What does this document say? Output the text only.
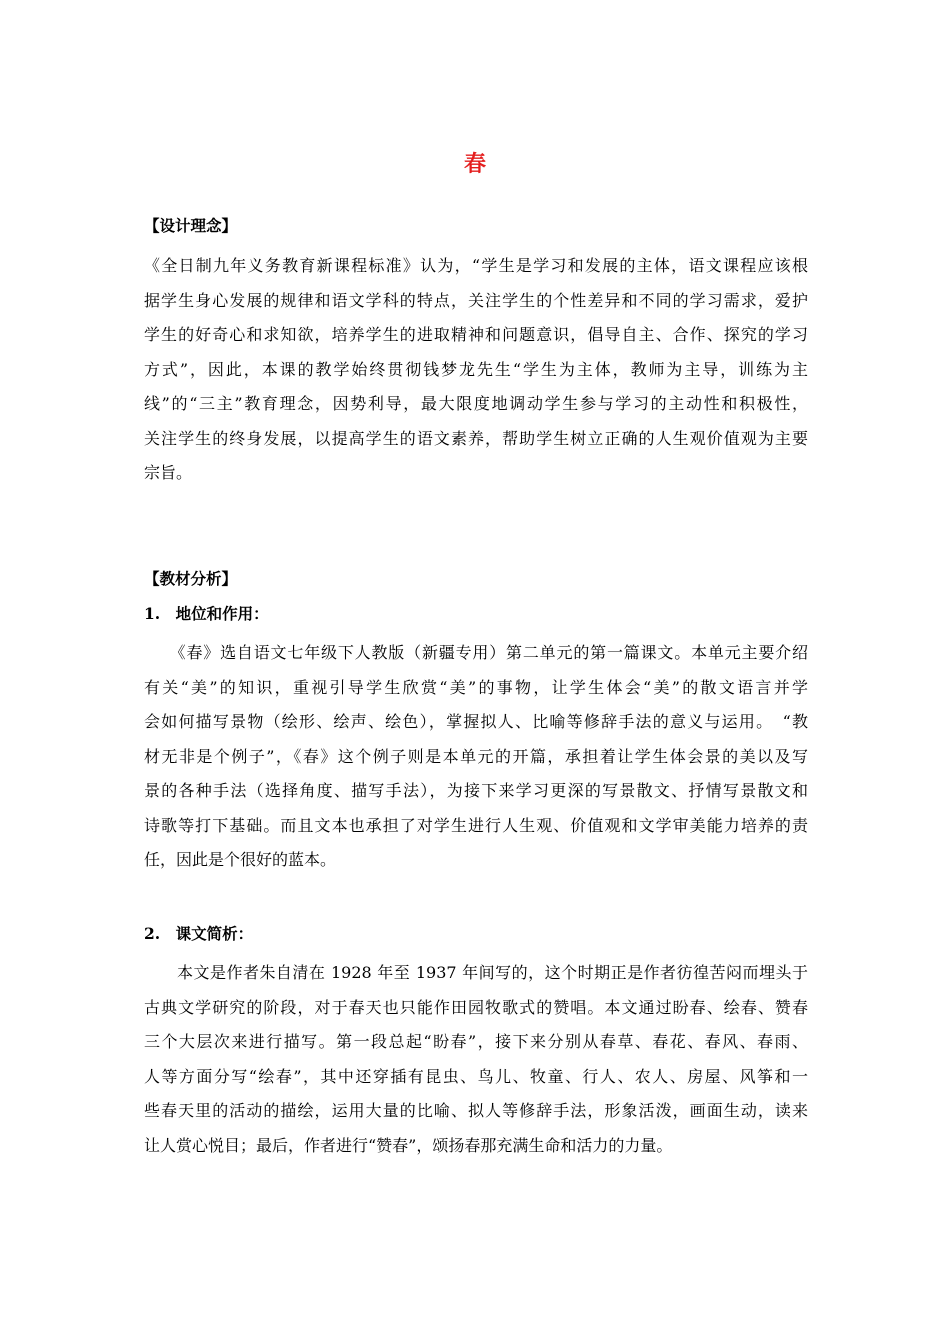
春
【设计理念】
《全日制九年义务教育新课程标准》认为，“学生是学习和发展的主体，语文课程应该根
据学生身心发展的规律和语文学科的特点，关注学生的个性差异和不同的学习需求，爱护
学生的好奇心和求知欲，培养学生的进取精神和问题意识，倡导自主、合作、探究的学习
方式”，因此，本课的教学始终贯彻钱梦龙先生“学生为主体，教师为主导，训练为主
线”的“三主”教育理念，因势利导，最大限度地调动学生参与学习的主动性和积极性，
关注学生的终身发展，以提高学生的语文素养，帮助学生树立正确的人生观价值观为主要
宗旨。
【教材分析】
1.　地位和作用：
　　《春》选自语文七年级下人教版（新疆专用）第二单元的第一篇课文。本单元主要介绍
有关“美”的知识，重视引导学生欣赏“美”的事物，让学生体会“美”的散文语言并学
会如何描写景物（绘形、绘声、绘色），掌握拟人、比喻等修辞手法的意义与运用。　“教
材无非是个例子”，《春》这个例子则是本单元的开篇，承担着让学生体会景的美以及写
景的各种手法（选择角度、描写手法），为接下来学习更深的写景散文、抒情写景散文和
诗歌等打下基础。而且文本也承担了对学生进行人生观、价值观和文学审美能力培养的责
任，因此是个很好的蓝本。
2.　课文简析：
　　本文是作者朱自清在 1928 年至 1937 年间写的，这个时期正是作者彷徨苦闷而埋头于
古典文学研究的阶段，对于春天也只能作田园牧歌式的赞唱。本文通过盼春、绘春、赞春
三个大层次来进行描写。第一段总起“盼春”，接下来分别从春草、春花、春风、春雨、
人等方面分写“绘春”，其中还穿插有昆虫、鸟儿、牧童、行人、农人、房屋、风筝和一
些春天里的活动的描绘，运用大量的比喻、拟人等修辞手法，形象活泼，画面生动，读来
让人赏心悦目；最后，作者进行“赞春”，颂扬春那充满生命和活力的力量。
